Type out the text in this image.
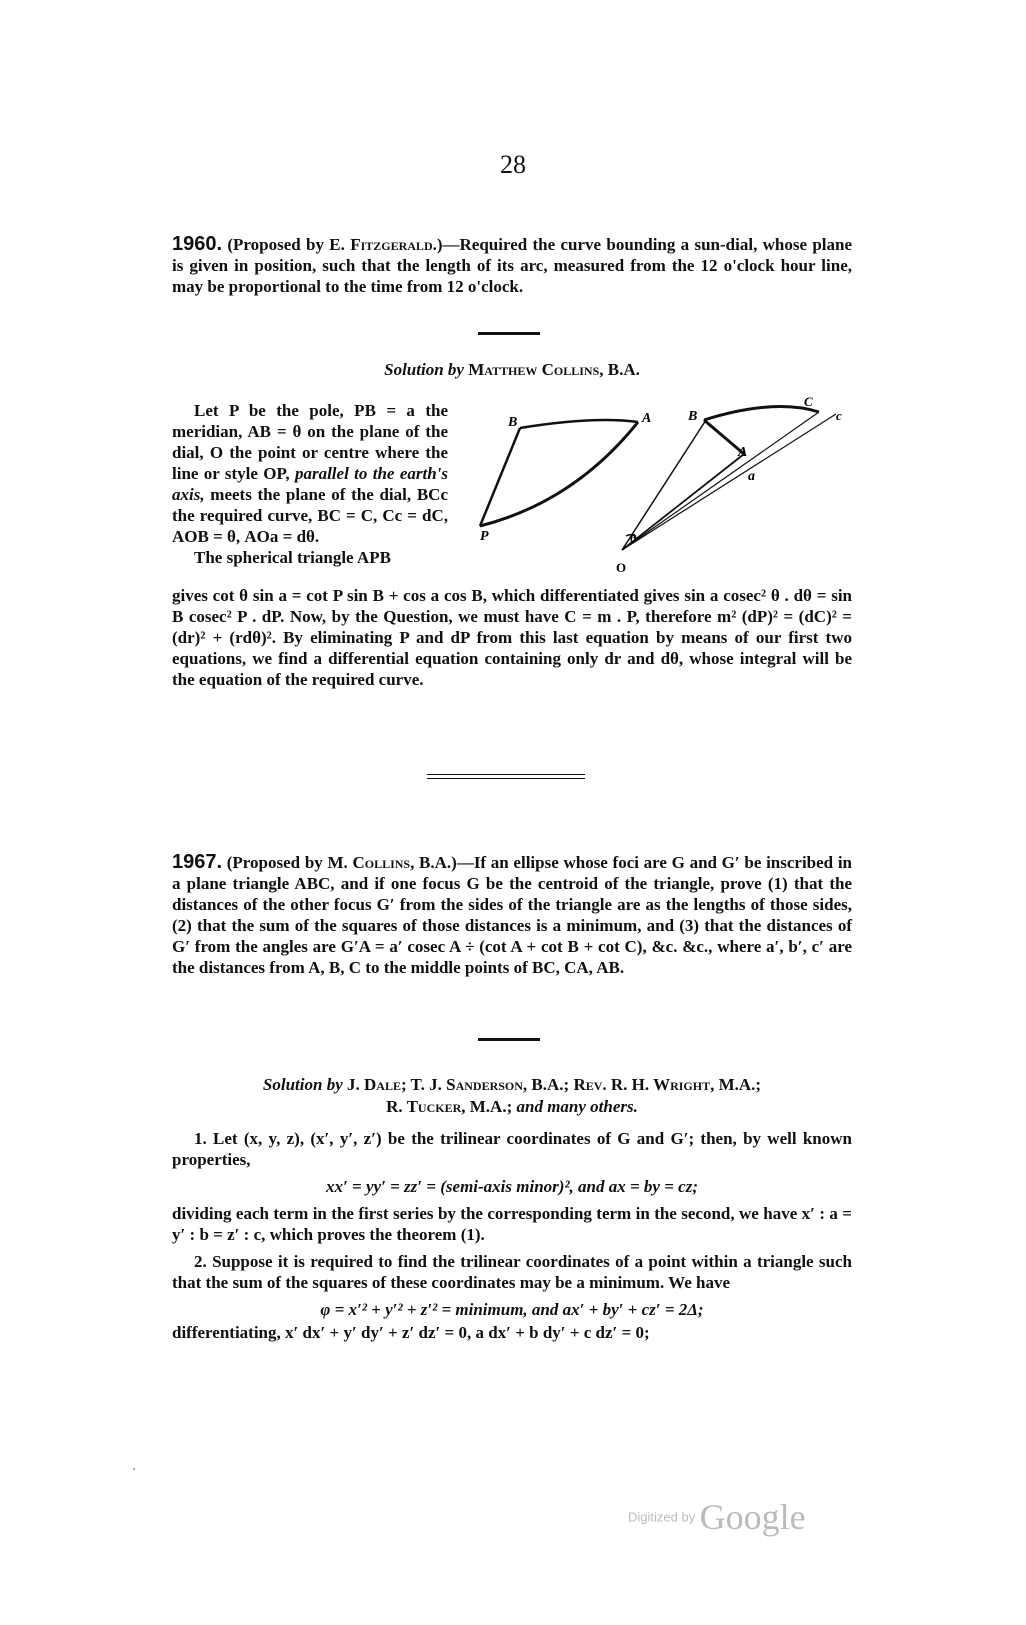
28
1960. (Proposed by E. Fitzgerald.)—Required the curve bounding a sun-dial, whose plane is given in position, such that the length of its arc, measured from the 12 o'clock hour line, may be proportional to the time from 12 o'clock.
Solution by Matthew Collins, B.A.

Let P be the pole, PB = a the meridian, AB = θ on the plane of the dial, O the point or centre where the line or style OP, parallel to the earth's axis, meets the plane of the dial, BCc the required curve, BC = C, Cc = dC, AOB = θ, AOa = dθ.

The spherical triangle APB

B	A
P
B
C
c
A
a
θ
O

gives cot θ sin a = cot P sin B + cos a cos B, which differentiated gives sin a cosec² θ . dθ = sin B cosec² P . dP. Now, by the Question, we must have C = m . P, therefore m² (dP)² = (dC)² = (dr)² + (rdθ)². By eliminating P and dP from this last equation by means of our first two equations, we find a differential equation containing only dr and dθ, whose integral will be the equation of the required curve.

1967. (Proposed by M. Collins, B.A.)—If an ellipse whose foci are G and G′ be inscribed in a plane triangle ABC, and if one focus G be the centroid of the triangle, prove (1) that the distances of the other focus G′ from the sides of the triangle are as the lengths of those sides, (2) that the sum of the squares of those distances is a minimum, and (3) that the distances of G′ from the angles are G′A = a′ cosec A ÷ (cot A + cot B + cot C), &c. &c., where a′, b′, c′ are the distances from A, B, C to the middle points of BC, CA, AB.
Solution by J. Dale; T. J. Sanderson, B.A.; Rev. R. H. Wright, M.A.;
R. Tucker, M.A.; and many others.

1. Let (x, y, z), (x′, y′, z′) be the trilinear coordinates of G and G′; then, by well known properties,

xx′ = yy′ = zz′ = (semi-axis minor)², and ax = by = cz;

dividing each term in the first series by the corresponding term in the second, we have x′ : a = y′ : b = z′ : c, which proves the theorem (1).

2. Suppose it is required to find the trilinear coordinates of a point within a triangle such that the sum of the squares of these coordinates may be a minimum. We have

φ = x′² + y′² + z′² = minimum, and ax′ + by′ + cz′ = 2Δ;

differentiating, x′ dx′ + y′ dy′ + z′ dz′ = 0, a dx′ + b dy′ + c dz′ = 0;

Digitized by Google
